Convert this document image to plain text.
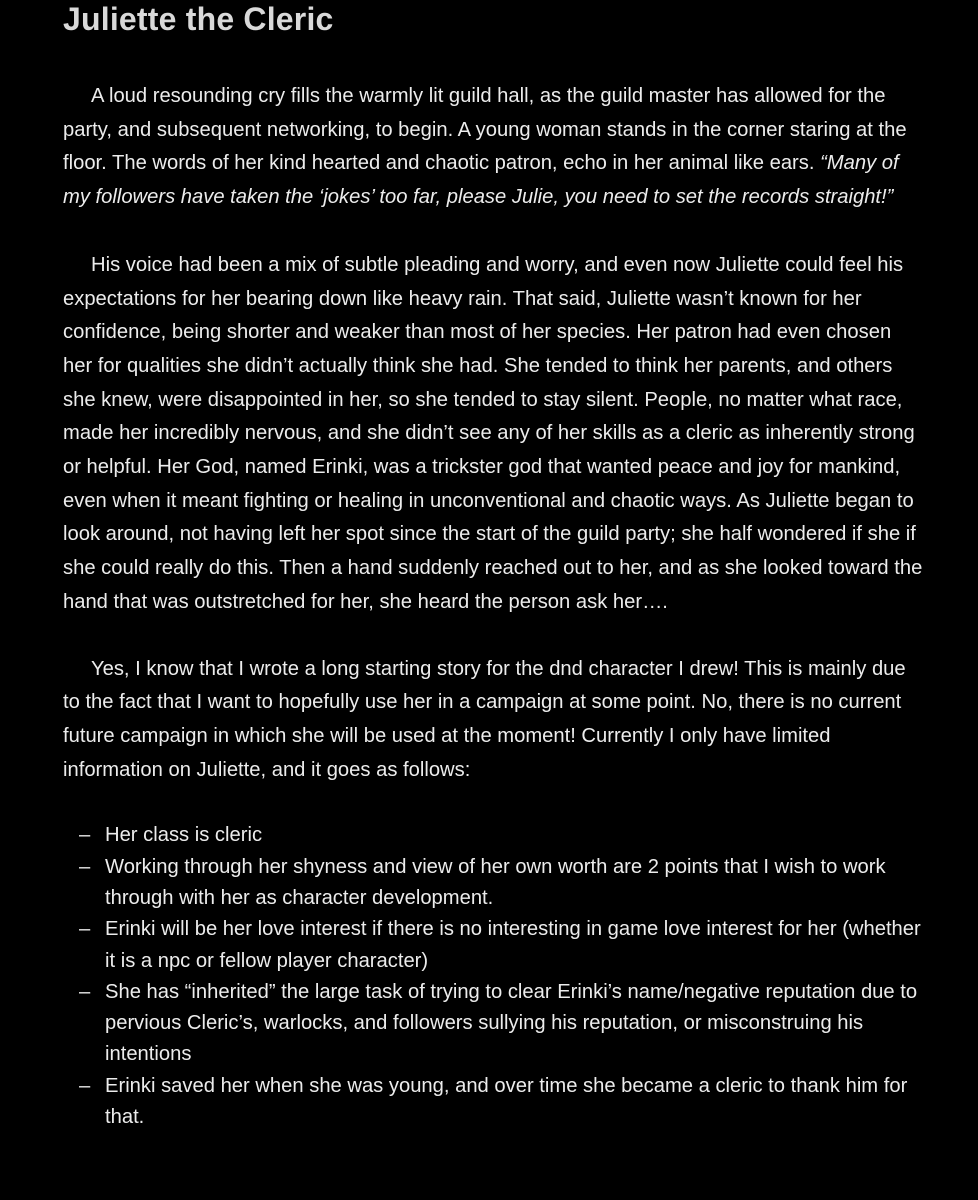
Juliette the Cleric

A loud resounding cry fills the warmly lit guild hall, as the guild master has allowed for the party, and subsequent networking, to begin. A young woman stands in the corner staring at the floor. The words of her kind hearted and chaotic patron, echo in her animal like ears. “Many of my followers have taken the ‘jokes’ too far, please Julie, you need to set the records straight!”

His voice had been a mix of subtle pleading and worry, and even now Juliette could feel his expectations for her bearing down like heavy rain. That said, Juliette wasn’t known for her confidence, being shorter and weaker than most of her species. Her patron had even chosen her for qualities she didn’t actually think she had. She tended to think her parents, and others she knew, were disappointed in her, so she tended to stay silent. People, no matter what race, made her incredibly nervous, and she didn’t see any of her skills as a cleric as inherently strong or helpful. Her God, named Erinki, was a trickster god that wanted peace and joy for mankind, even when it meant fighting or healing in unconventional and chaotic ways. As Juliette began to look around, not having left her spot since the start of the guild party; she half wondered if she if she could really do this. Then a hand suddenly reached out to her, and as she looked toward the hand that was outstretched for her, she heard the person ask her….

Yes, I know that I wrote a long starting story for the dnd character I drew! This is mainly due to the fact that I want to hopefully use her in a campaign at some point. No, there is no current future campaign in which she will be used at the moment! Currently I only have limited information on Juliette, and it goes as follows:

– Her class is cleric
– Working through her shyness and view of her own worth are 2 points that I wish to work through with her as character development.
– Erinki will be her love interest if there is no interesting in game love interest for her (whether it is a npc or fellow player character)
– She has “inherited” the large task of trying to clear Erinki’s name/negative reputation due to pervious Cleric’s, warlocks, and followers sullying his reputation, or misconstruing his intentions
– Erinki saved her when she was young, and over time she became a cleric to thank him for that.
